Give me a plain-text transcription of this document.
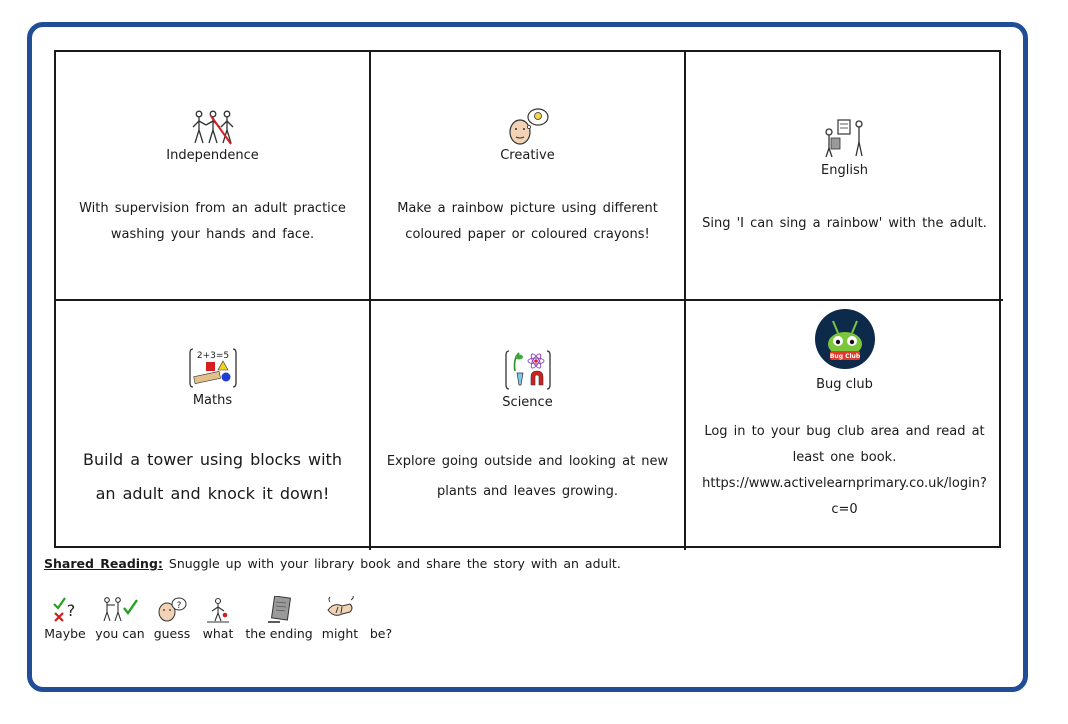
Independence
With supervision from an adult practice washing your hands and face.
Creative
Make a rainbow picture using different coloured paper or coloured crayons!
English
Sing 'I can sing a rainbow' with the adult.
2+3=5
Maths
Build a tower using blocks with an adult and knock it down!
Science
Explore going outside and looking at new plants and leaves growing.
Bug Club
Bug club
Log in to your bug club area and read at least one book.
https://www.activelearnprimary.co.uk/login?c=0
Shared Reading: Snuggle up with your library book and share the story with an adult.
?
Maybe you can
?
guess what the ending might be?
